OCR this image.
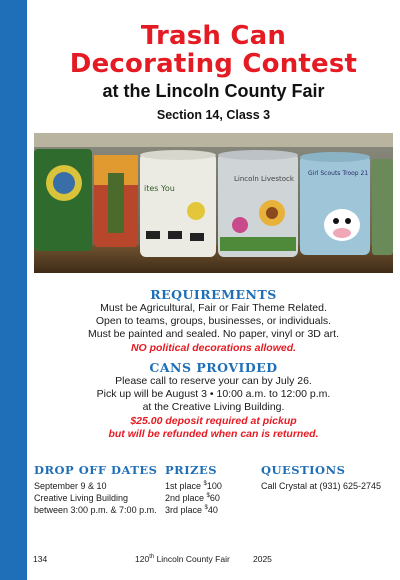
Trash Can
Decorating Contest
at the Lincoln County Fair
Section 14, Class 3
ites You
Lincoln Livestock
Girl Scouts Troop 21
REQUIREMENTS
Must be Agricultural, Fair or Fair Theme Related.
Open to teams, groups, businesses, or individuals.
Must be painted and sealed. No paper, vinyl or 3D art.
NO political decorations allowed.
CANS PROVIDED
Please call to reserve your can by July 26.
Pick up will be August 3 • 10:00 a.m. to 12:00 p.m.
at the Creative Living Building.
$25.00 deposit required at pickup
but will be refunded when can is returned.
DROP OFF DATES
September 9 & 10
Creative Living Building
between 3:00 p.m. & 7:00 p.m.
PRIZES
1st place $100
2nd place $60
3rd place $40
QUESTIONS
Call Crystal at (931) 625-2745
134	120th Lincoln County Fair	2025
